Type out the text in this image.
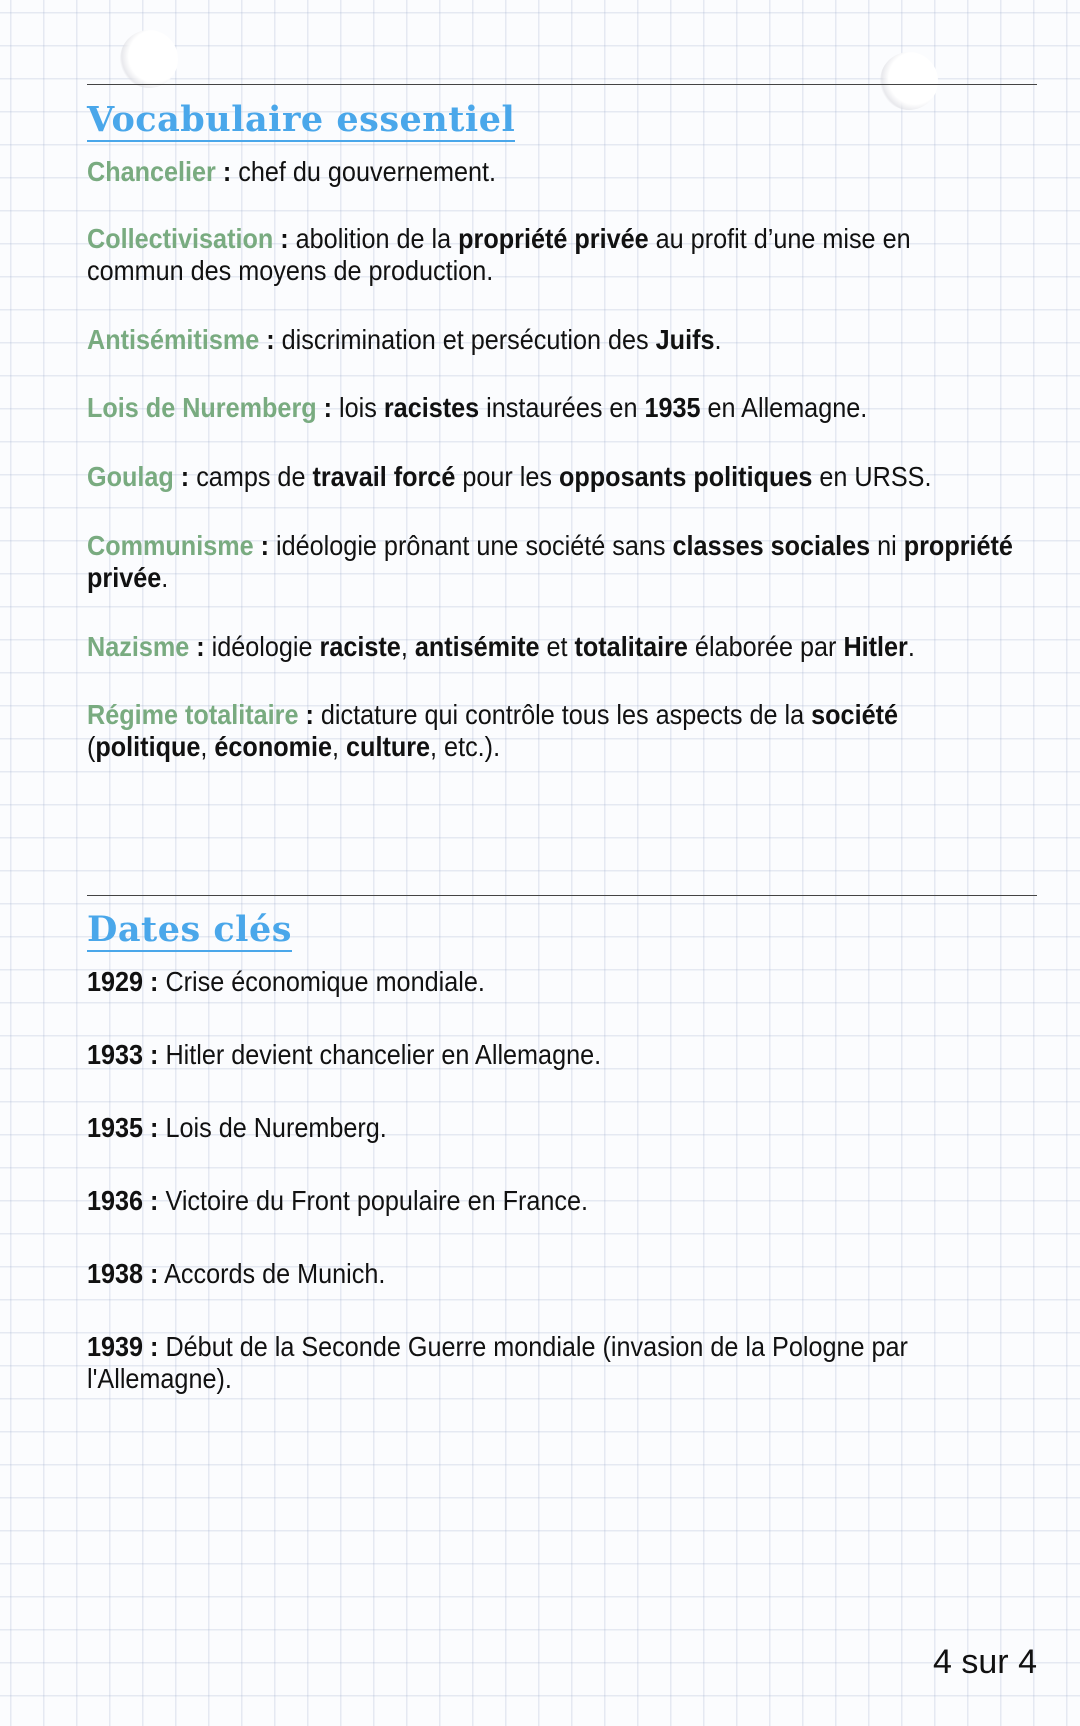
Vocabulaire essentiel

Chancelier : chef du gouvernement.

Collectivisation : abolition de la propriété privée au profit d’une mise en commun des moyens de production.

Antisémitisme : discrimination et persécution des Juifs.

Lois de Nuremberg : lois racistes instaurées en 1935 en Allemagne.

Goulag : camps de travail forcé pour les opposants politiques en URSS.

Communisme : idéologie prônant une société sans classes sociales ni propriété privée.

Nazisme : idéologie raciste, antisémite et totalitaire élaborée par Hitler.

Régime totalitaire : dictature qui contrôle tous les aspects de la société (politique, économie, culture, etc.).

Dates clés

1929 : Crise économique mondiale.

1933 : Hitler devient chancelier en Allemagne.

1935 : Lois de Nuremberg.

1936 : Victoire du Front populaire en France.

1938 : Accords de Munich.

1939 : Début de la Seconde Guerre mondiale (invasion de la Pologne par l'Allemagne).

4 sur 4
